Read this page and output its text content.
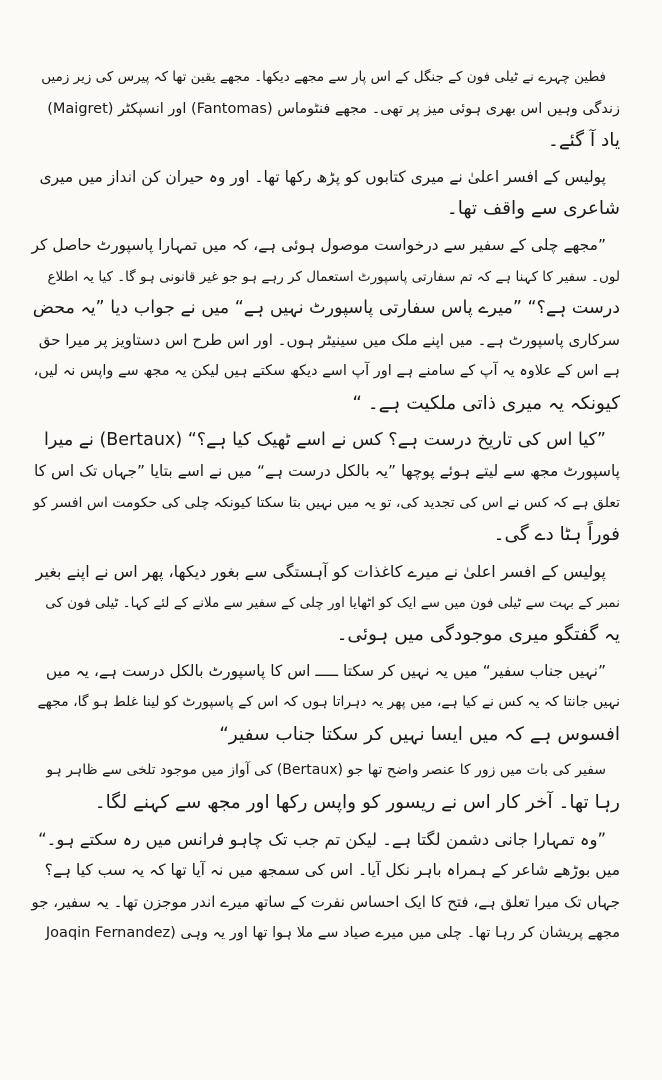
فطین چہرے نے ٹیلی فون کے جنگل کے اس پار سے مجھے دیکھا۔ مجھے یقین تھا کہ پیرس کی زیر زمیں
زندگی وہیں اس بھری ہوئی میز پر تھی۔ مجھے فنٹوماس (Fantomas) اور انسپکٹر (Maigret)
یاد آ گئے۔
پولیس کے افسر اعلیٰ نے میری کتابوں کو پڑھ رکھا تھا۔ اور وہ حیران کن انداز میں میری
شاعری سے واقف تھا۔
”مجھے چلی کے سفیر سے درخواست موصول ہوئی ہے، کہ میں تمہارا پاسپورٹ حاصل کر
لوں۔ سفیر کا کہنا ہے کہ تم سفارتی پاسپورٹ استعمال کر رہے ہو جو غیر قانونی ہو گا۔ کیا یہ اطلاع
درست ہے؟“ ”میرے پاس سفارتی پاسپورٹ نہیں ہے“ میں نے جواب دیا ”یہ محض
سرکاری پاسپورٹ ہے۔ میں اپنے ملک میں سینیٹر ہوں۔ اور اس طرح اس دستاویز پر میرا حق
ہے اس کے علاوہ یہ آپ کے سامنے ہے اور آپ اسے دیکھ سکتے ہیں لیکن یہ مجھ سے واپس نہ لیں،
کیونکہ یہ میری ذاتی ملکیت ہے۔ “
”کیا اس کی تاریخ درست ہے؟ کس نے اسے ٹھیک کیا ہے؟“ (Bertaux) نے میرا
پاسپورٹ مجھ سے لیتے ہوئے پوچھا ”یہ بالکل درست ہے“ میں نے اسے بتایا ”جہاں تک اس کا
تعلق ہے کہ کس نے اس کی تجدید کی، تو یہ میں نہیں بتا سکتا کیونکہ چلی کی حکومت اس افسر کو
فوراً ہٹا دے گی۔
پولیس کے افسر اعلیٰ نے میرے کاغذات کو آہستگی سے بغور دیکھا، پھر اس نے اپنے بغیر
نمبر کے بہت سے ٹیلی فون میں سے ایک کو اٹھایا اور چلی کے سفیر سے ملانے کے لئے کہا۔ ٹیلی فون کی
یہ گفتگو میری موجودگی میں ہوئی۔
”نہیں جناب سفیر“ میں یہ نہیں کر سکتا ـــــ اس کا پاسپورٹ بالکل درست ہے، یہ میں
نہیں جانتا کہ یہ کس نے کیا ہے، میں پھر یہ دہراتا ہوں کہ اس کے پاسپورٹ کو لینا غلط ہو گا، مجھے
افسوس ہے کہ میں ایسا نہیں کر سکتا جناب سفیر“
سفیر کی بات میں زور کا عنصر واضح تھا جو (Bertaux) کی آواز میں موجود تلخی سے ظاہر ہو
رہا تھا۔ آخر کار اس نے ریسور کو واپس رکھا اور مجھ سے کہنے لگا۔
”وہ تمہارا جانی دشمن لگتا ہے۔ لیکن تم جب تک چاہو فرانس میں رہ سکتے ہو۔“
میں بوڑھے شاعر کے ہمراہ باہر نکل آیا۔ اس کی سمجھ میں نہ آیا تھا کہ یہ سب کیا ہے؟
جہاں تک میرا تعلق ہے، فتح کا ایک احساس نفرت کے ساتھ میرے اندر موجزن تھا۔ یہ سفیر، جو
مجھے پریشان کر رہا تھا۔ چلی میں میرے صیاد سے ملا ہوا تھا اور یہ وہی (Joaqin Fernandez
